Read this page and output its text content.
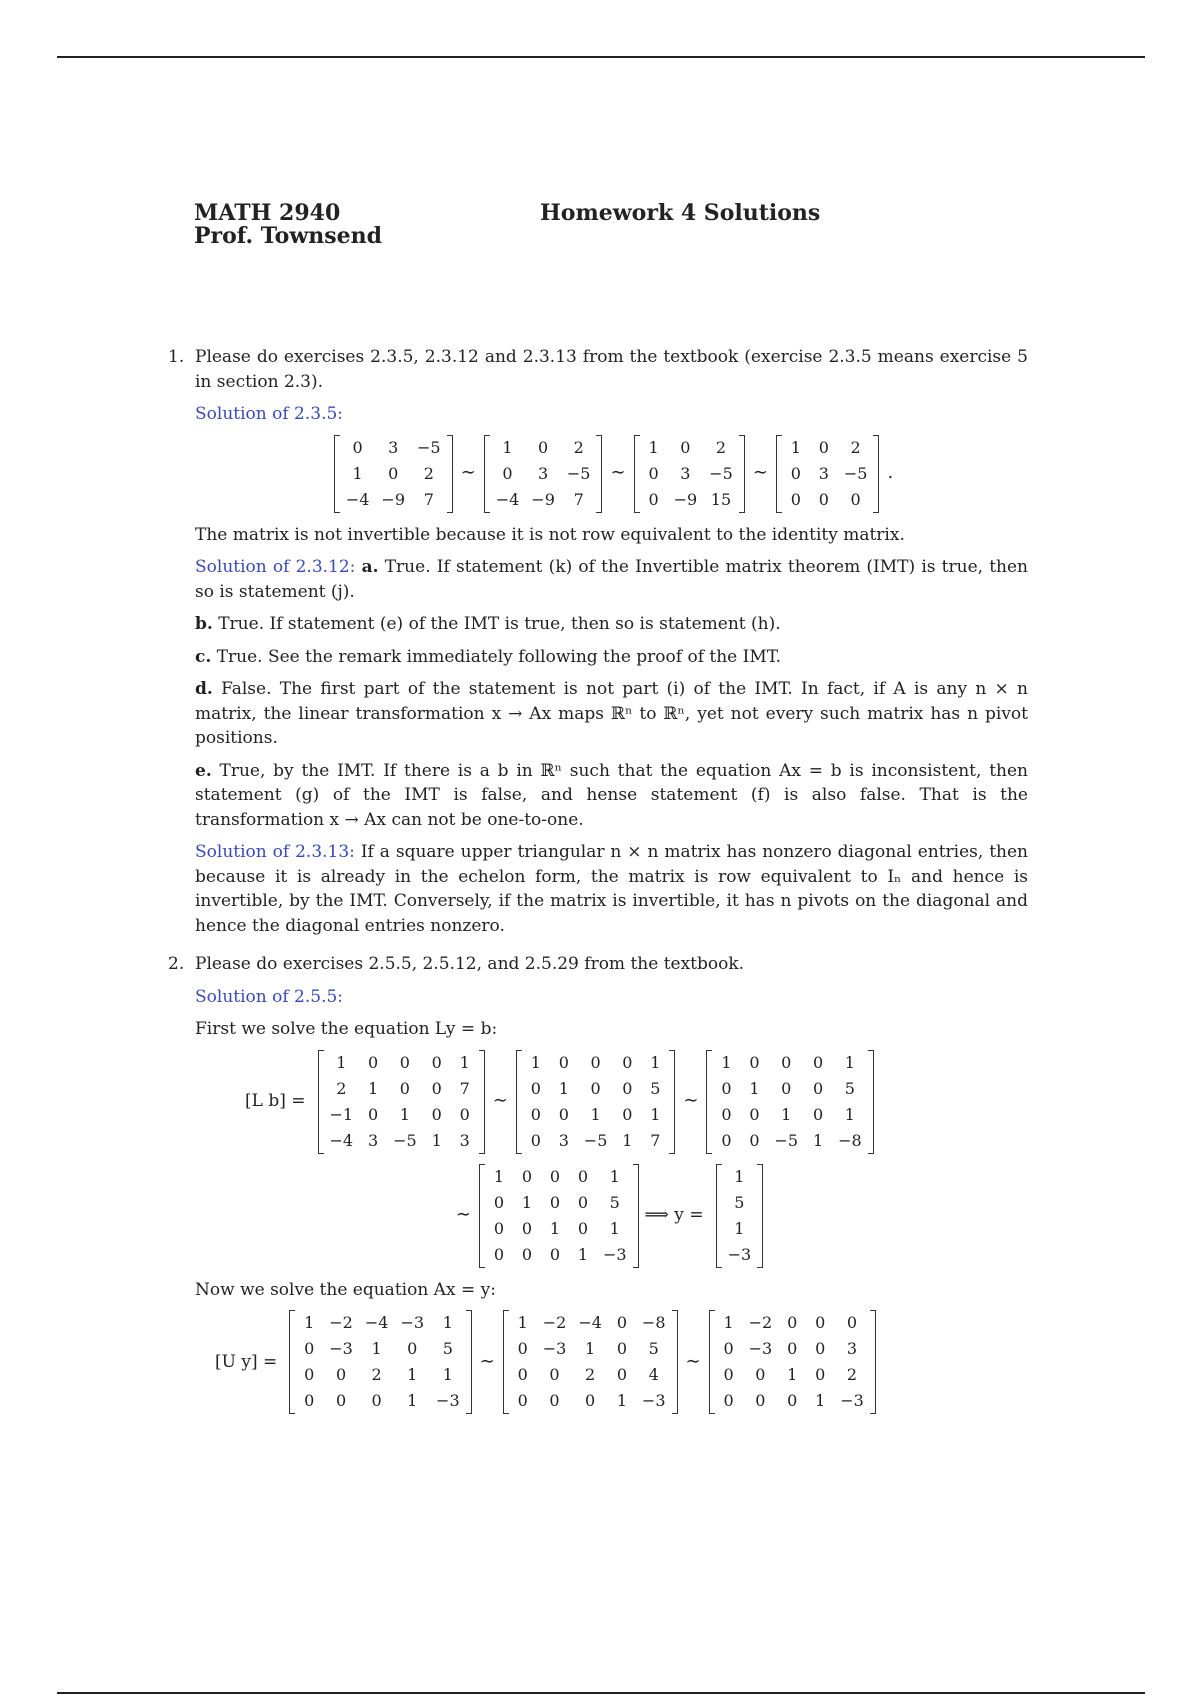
MATH 2940
Prof. Townsend
Homework 4 Solutions
1. Please do exercises 2.3.5, 2.3.12 and 2.3.13 from the textbook (exercise 2.3.5 means exercise 5 in section 2.3).

Solution of 2.3.5:

0	3	−5
1	0	2
−4	−9	7
∼
1	0	2
0	3	−5
−4	−9	7
∼
1	0	2
0	3	−5
0	−9	15
∼
1	0	2
0	3	−5
0	0	0
.

The matrix is not invertible because it is not row equivalent to the identity matrix.

Solution of 2.3.12: a. True. If statement (k) of the Invertible matrix theorem (IMT) is true, then so is statement (j).

b. True. If statement (e) of the IMT is true, then so is statement (h).

c. True. See the remark immediately following the proof of the IMT.

d. False. The first part of the statement is not part (i) of the IMT. In fact, if A is any n × n matrix, the linear transformation x → Ax maps ℝⁿ to ℝⁿ, yet not every such matrix has n pivot positions.

e. True, by the IMT. If there is a b in ℝⁿ such that the equation Ax = b is inconsistent, then statement (g) of the IMT is false, and hense statement (f) is also false. That is the transformation x → Ax can not be one-to-one.

Solution of 2.3.13: If a square upper triangular n × n matrix has nonzero diagonal entries, then because it is already in the echelon form, the matrix is row equivalent to Iₙ and hence is invertible, by the IMT. Conversely, if the matrix is invertible, it has n pivots on the diagonal and hence the diagonal entries nonzero.

2. Please do exercises 2.5.5, 2.5.12, and 2.5.29 from the textbook.

Solution of 2.5.5:

First we solve the equation Ly = b:

[L b] =
1	0	0	0	1
2	1	0	0	7
−1	0	1	0	0
−4	3	−5	1	3
∼
1	0	0	0	1
0	1	0	0	5
0	0	1	0	1
0	3	−5	1	7
∼
1	0	0	0	1
0	1	0	0	5
0	0	1	0	1
0	0	−5	1	−8
∼
1	0	0	0	1
0	1	0	0	5
0	0	1	0	1
0	0	0	1	−3
⟹ y =
1
5
1
−3

Now we solve the equation Ax = y:

[U y] =
1	−2	−4	−3	1
0	−3	1	0	5
0	0	2	1	1
0	0	0	1	−3
∼
1	−2	−4	0	−8
0	−3	1	0	5
0	0	2	0	4
0	0	0	1	−3
∼
1	−2	0	0	0
0	−3	0	0	3
0	0	1	0	2
0	0	0	1	−3
